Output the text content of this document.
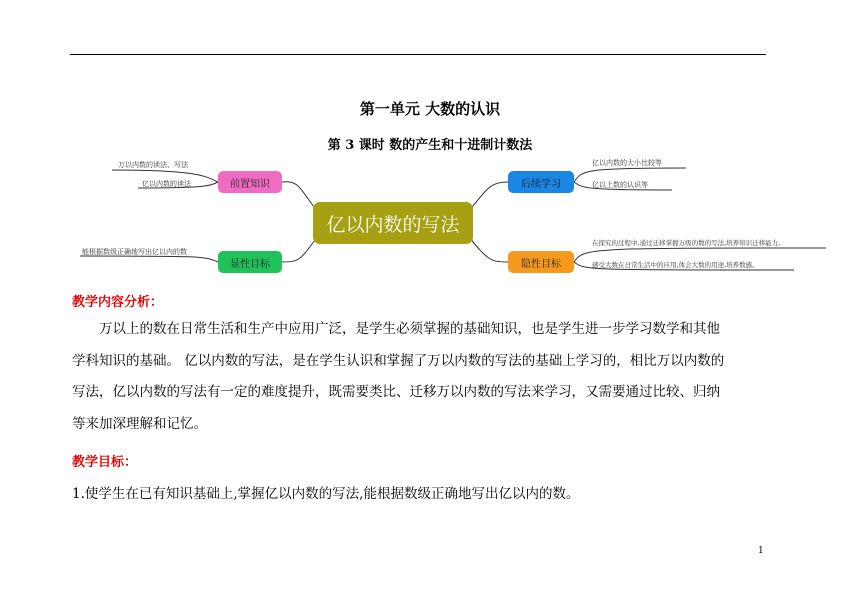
第一单元 大数的认识
第 3 课时 数的产生和十进制计数法
亿以内数的写法
前置知识
显性目标
后续学习
隐性目标
万以内数的读法、写法
亿以内数的读法
能根据数级正确地写出亿以内的数
亿以内数的大小比较等
亿以上数的认识等
在探究的过程中,通过迁移掌握万级的数的写法,培养知识迁移能力。
感受大数在日常生活中的应用,体会大数的用途,培养数感。
教学内容分析：
万以上的数在日常生活和生产中应用广泛，是学生必须掌握的基础知识，也是学生进一步学习数学和其他
学科知识的基础。 亿以内数的写法，是在学生认识和掌握了万以内数的写法的基础上学习的，相比万以内数的
写法，亿以内数的写法有一定的难度提升，既需要类比、迁移万以内数的写法来学习，又需要通过比较、归纳
等来加深理解和记忆。
教学目标：
1.使学生在已有知识基础上,掌握亿以内数的写法,能根据数级正确地写出亿以内的数。
1
